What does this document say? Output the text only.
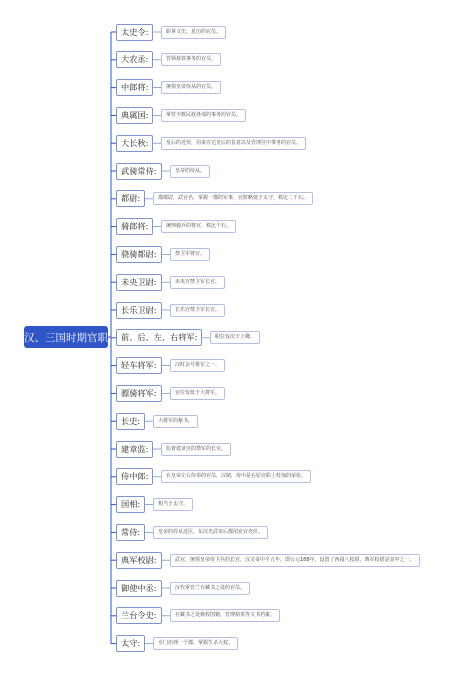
汉、三国时期官职
太史令:	职掌文史、星历的官员。
大农丞:	管领盐铁事务的官员。
中郎将:	统领皇帝侍从的官员。
典属国:	掌管少数民族各部的事务的官员。
大长秋:	皇后的近侍，用来宣达皇后的旨意以及管理宫中事务的官员。
武骑常侍:	皇帝的侍从。
都尉:	郡都尉，武官名，掌握一郡的军事，官阶略低于太守，秩比二千石。
骑郎将:	统帅骑兵的将官，秩比千石。
骁骑都尉:	禁卫军将官。
未央卫尉:	未央宫禁卫军长官。
长乐卫尉:	长乐宫禁卫军长官。
前、后、左、右将军:	职位仅次于上卿。
轻车将军:	汉时杂号将军之一。
骠骑将军:	官位仅低于大将军。
长史:	大将军的秘书。
建章监:	监督建章宫的禁军的长官。
侍中郎:	在皇帝左右侍奉的官员，汉制，侍中是在原官职上特加的荣衔。
国相:	相当于太守。
常侍:	皇帝的侍从近臣，东汉光武帝后都用宦官充任。
典军校尉:	武官，统领皇帝侍卫兵的长官，汉灵帝中平五年，即公元188年，设置了西园八校尉，典军校尉是其中之一。
御使中丞:	汉代掌管兰台藏书之处的官员。
兰台令史:	在藏书之处典校图籍，管理劾奏等文书档案。
太守:	专门治理一个郡，掌握生杀大权。
